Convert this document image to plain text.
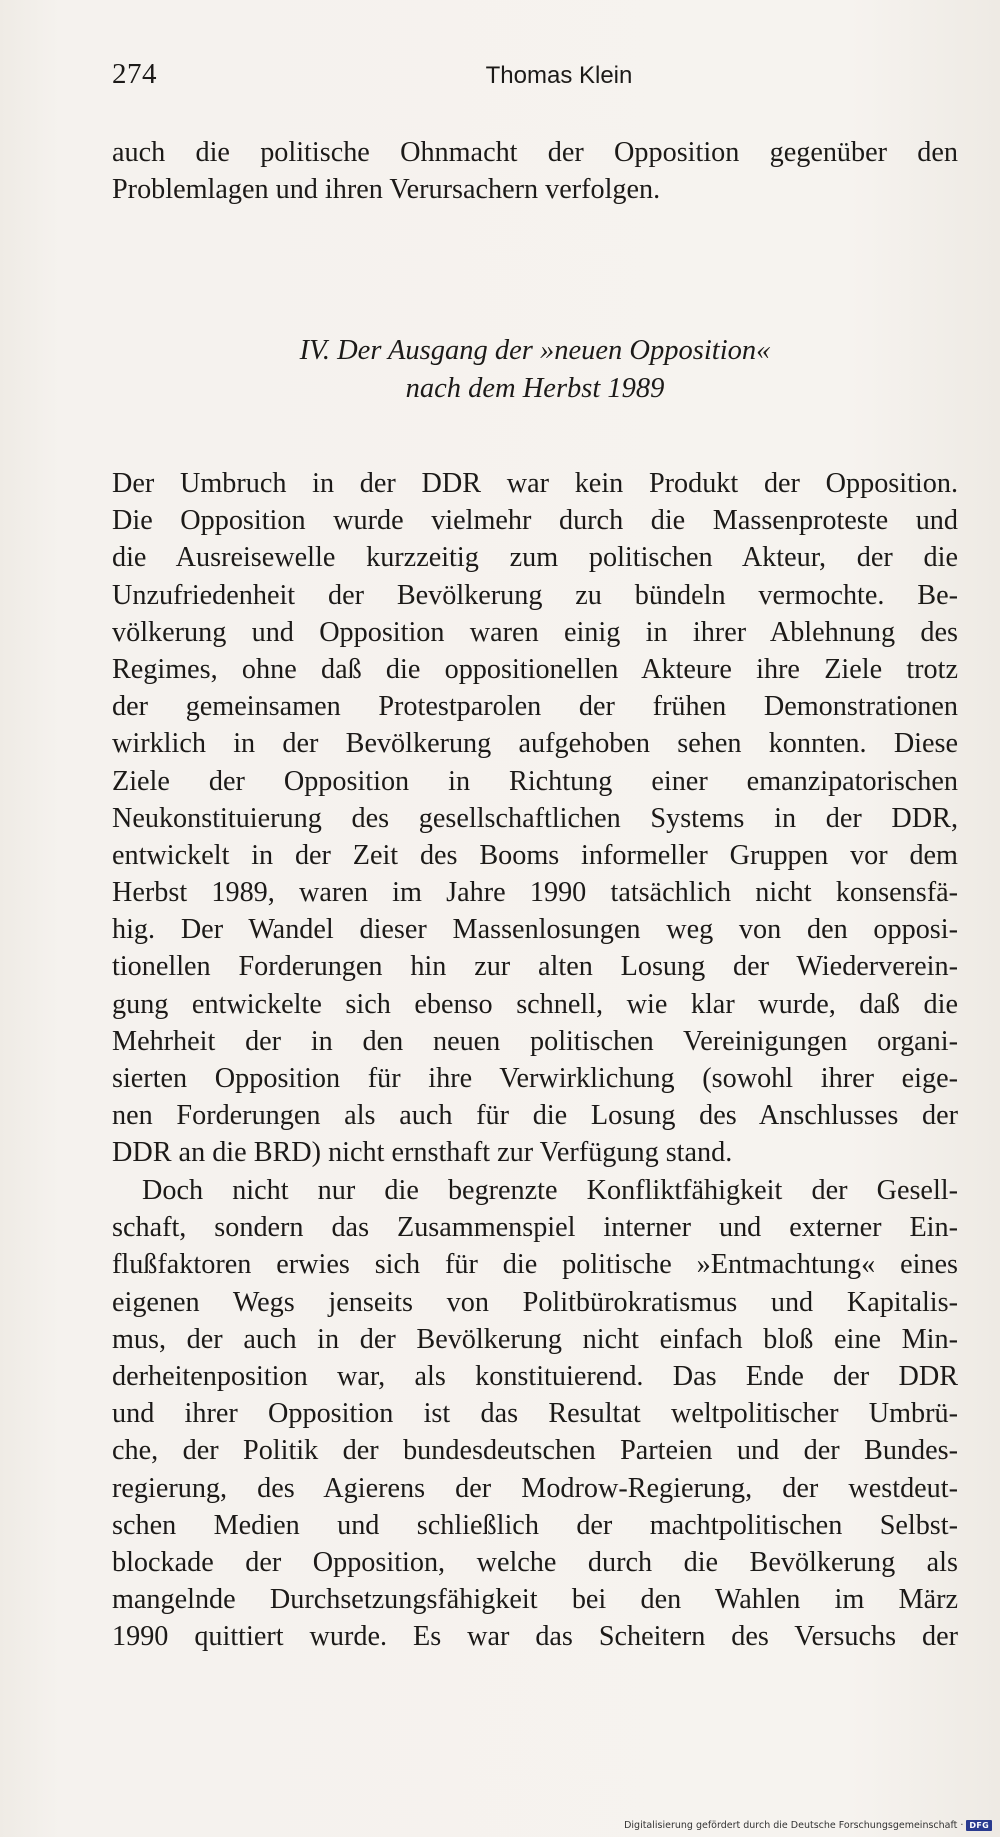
274	Thomas Klein
auch die politische Ohnmacht der Opposition gegenüber den
Problemlagen und ihren Verursachern verfolgen.
IV. Der Ausgang der »neuen Opposition«
nach dem Herbst 1989
Der Umbruch in der DDR war kein Produkt der Opposition.
Die Opposition wurde vielmehr durch die Massenproteste und
die Ausreisewelle kurzzeitig zum politischen Akteur, der die
Unzufriedenheit der Bevölkerung zu bündeln vermochte. Be-
völkerung und Opposition waren einig in ihrer Ablehnung des
Regimes, ohne daß die oppositionellen Akteure ihre Ziele trotz
der gemeinsamen Protestparolen der frühen Demonstrationen
wirklich in der Bevölkerung aufgehoben sehen konnten. Diese
Ziele der Opposition in Richtung einer emanzipatorischen
Neukonstituierung des gesellschaftlichen Systems in der DDR,
entwickelt in der Zeit des Booms informeller Gruppen vor dem
Herbst 1989, waren im Jahre 1990 tatsächlich nicht konsensfä-
hig. Der Wandel dieser Massenlosungen weg von den opposi-
tionellen Forderungen hin zur alten Losung der Wiederverein-
gung entwickelte sich ebenso schnell, wie klar wurde, daß die
Mehrheit der in den neuen politischen Vereinigungen organi-
sierten Opposition für ihre Verwirklichung (sowohl ihrer eige-
nen Forderungen als auch für die Losung des Anschlusses der
DDR an die BRD) nicht ernsthaft zur Verfügung stand.
Doch nicht nur die begrenzte Konfliktfähigkeit der Gesell-
schaft, sondern das Zusammenspiel interner und externer Ein-
flußfaktoren erwies sich für die politische »Entmachtung« eines
eigenen Wegs jenseits von Politbürokratismus und Kapitalis-
mus, der auch in der Bevölkerung nicht einfach bloß eine Min-
derheitenposition war, als konstituierend. Das Ende der DDR
und ihrer Opposition ist das Resultat weltpolitischer Umbrü-
che, der Politik der bundesdeutschen Parteien und der Bundes-
regierung, des Agierens der Modrow-Regierung, der westdeut-
schen Medien und schließlich der machtpolitischen Selbst-
blockade der Opposition, welche durch die Bevölkerung als
mangelnde Durchsetzungsfähigkeit bei den Wahlen im März
1990 quittiert wurde. Es war das Scheitern des Versuchs der
Digitalisierung gefördert durch die Deutsche Forschungsgemeinschaft · DFG
